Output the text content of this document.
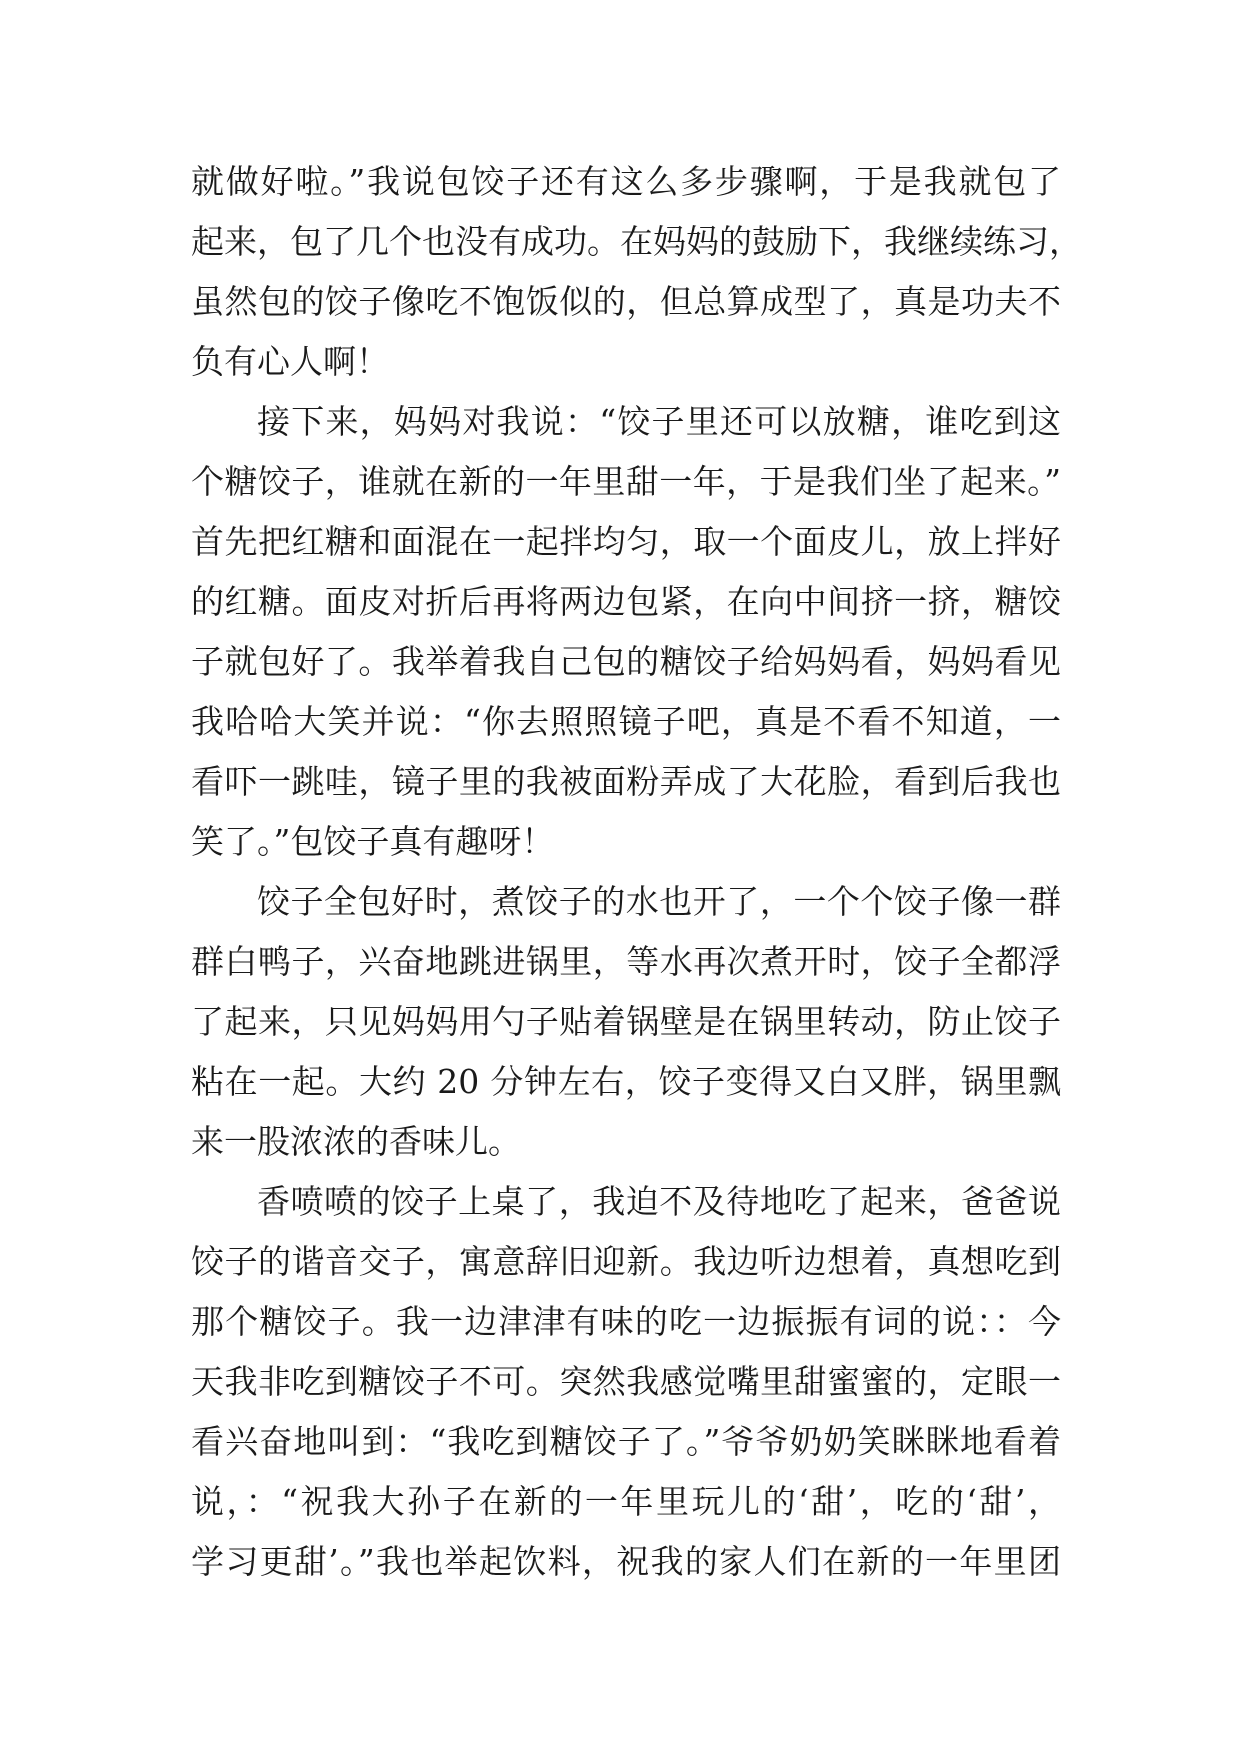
就做好啦。”我说包饺子还有这么多步骤啊，于是我就包了
起来，包了几个也没有成功。在妈妈的鼓励下，我继续练习，
虽然包的饺子像吃不饱饭似的，但总算成型了，真是功夫不
负有心人啊！
接下来，妈妈对我说：“饺子里还可以放糖，谁吃到这
个糖饺子，谁就在新的一年里甜一年，于是我们坐了起来。”
首先把红糖和面混在一起拌均匀，取一个面皮儿，放上拌好
的红糖。面皮对折后再将两边包紧，在向中间挤一挤，糖饺
子就包好了。我举着我自己包的糖饺子给妈妈看，妈妈看见
我哈哈大笑并说：“你去照照镜子吧，真是不看不知道，一
看吓一跳哇，镜子里的我被面粉弄成了大花脸，看到后我也
笑了。”包饺子真有趣呀！
饺子全包好时，煮饺子的水也开了，一个个饺子像一群
群白鸭子，兴奋地跳进锅里，等水再次煮开时，饺子全都浮
了起来，只见妈妈用勺子贴着锅壁是在锅里转动，防止饺子
粘在一起。大约 20 分钟左右，饺子变得又白又胖，锅里飘
来一股浓浓的香味儿。
香喷喷的饺子上桌了，我迫不及待地吃了起来，爸爸说
饺子的谐音交子，寓意辞旧迎新。我边听边想着，真想吃到
那个糖饺子。我一边津津有味的吃一边振振有词的说：：今
天我非吃到糖饺子不可。突然我感觉嘴里甜蜜蜜的，定眼一
看兴奋地叫到：“我吃到糖饺子了。”爷爷奶奶笑眯眯地看着
说，：“祝我大孙子在新的一年里玩儿的‘甜’，吃的‘甜’，
学习更甜’。”我也举起饮料，祝我的家人们在新的一年里团
